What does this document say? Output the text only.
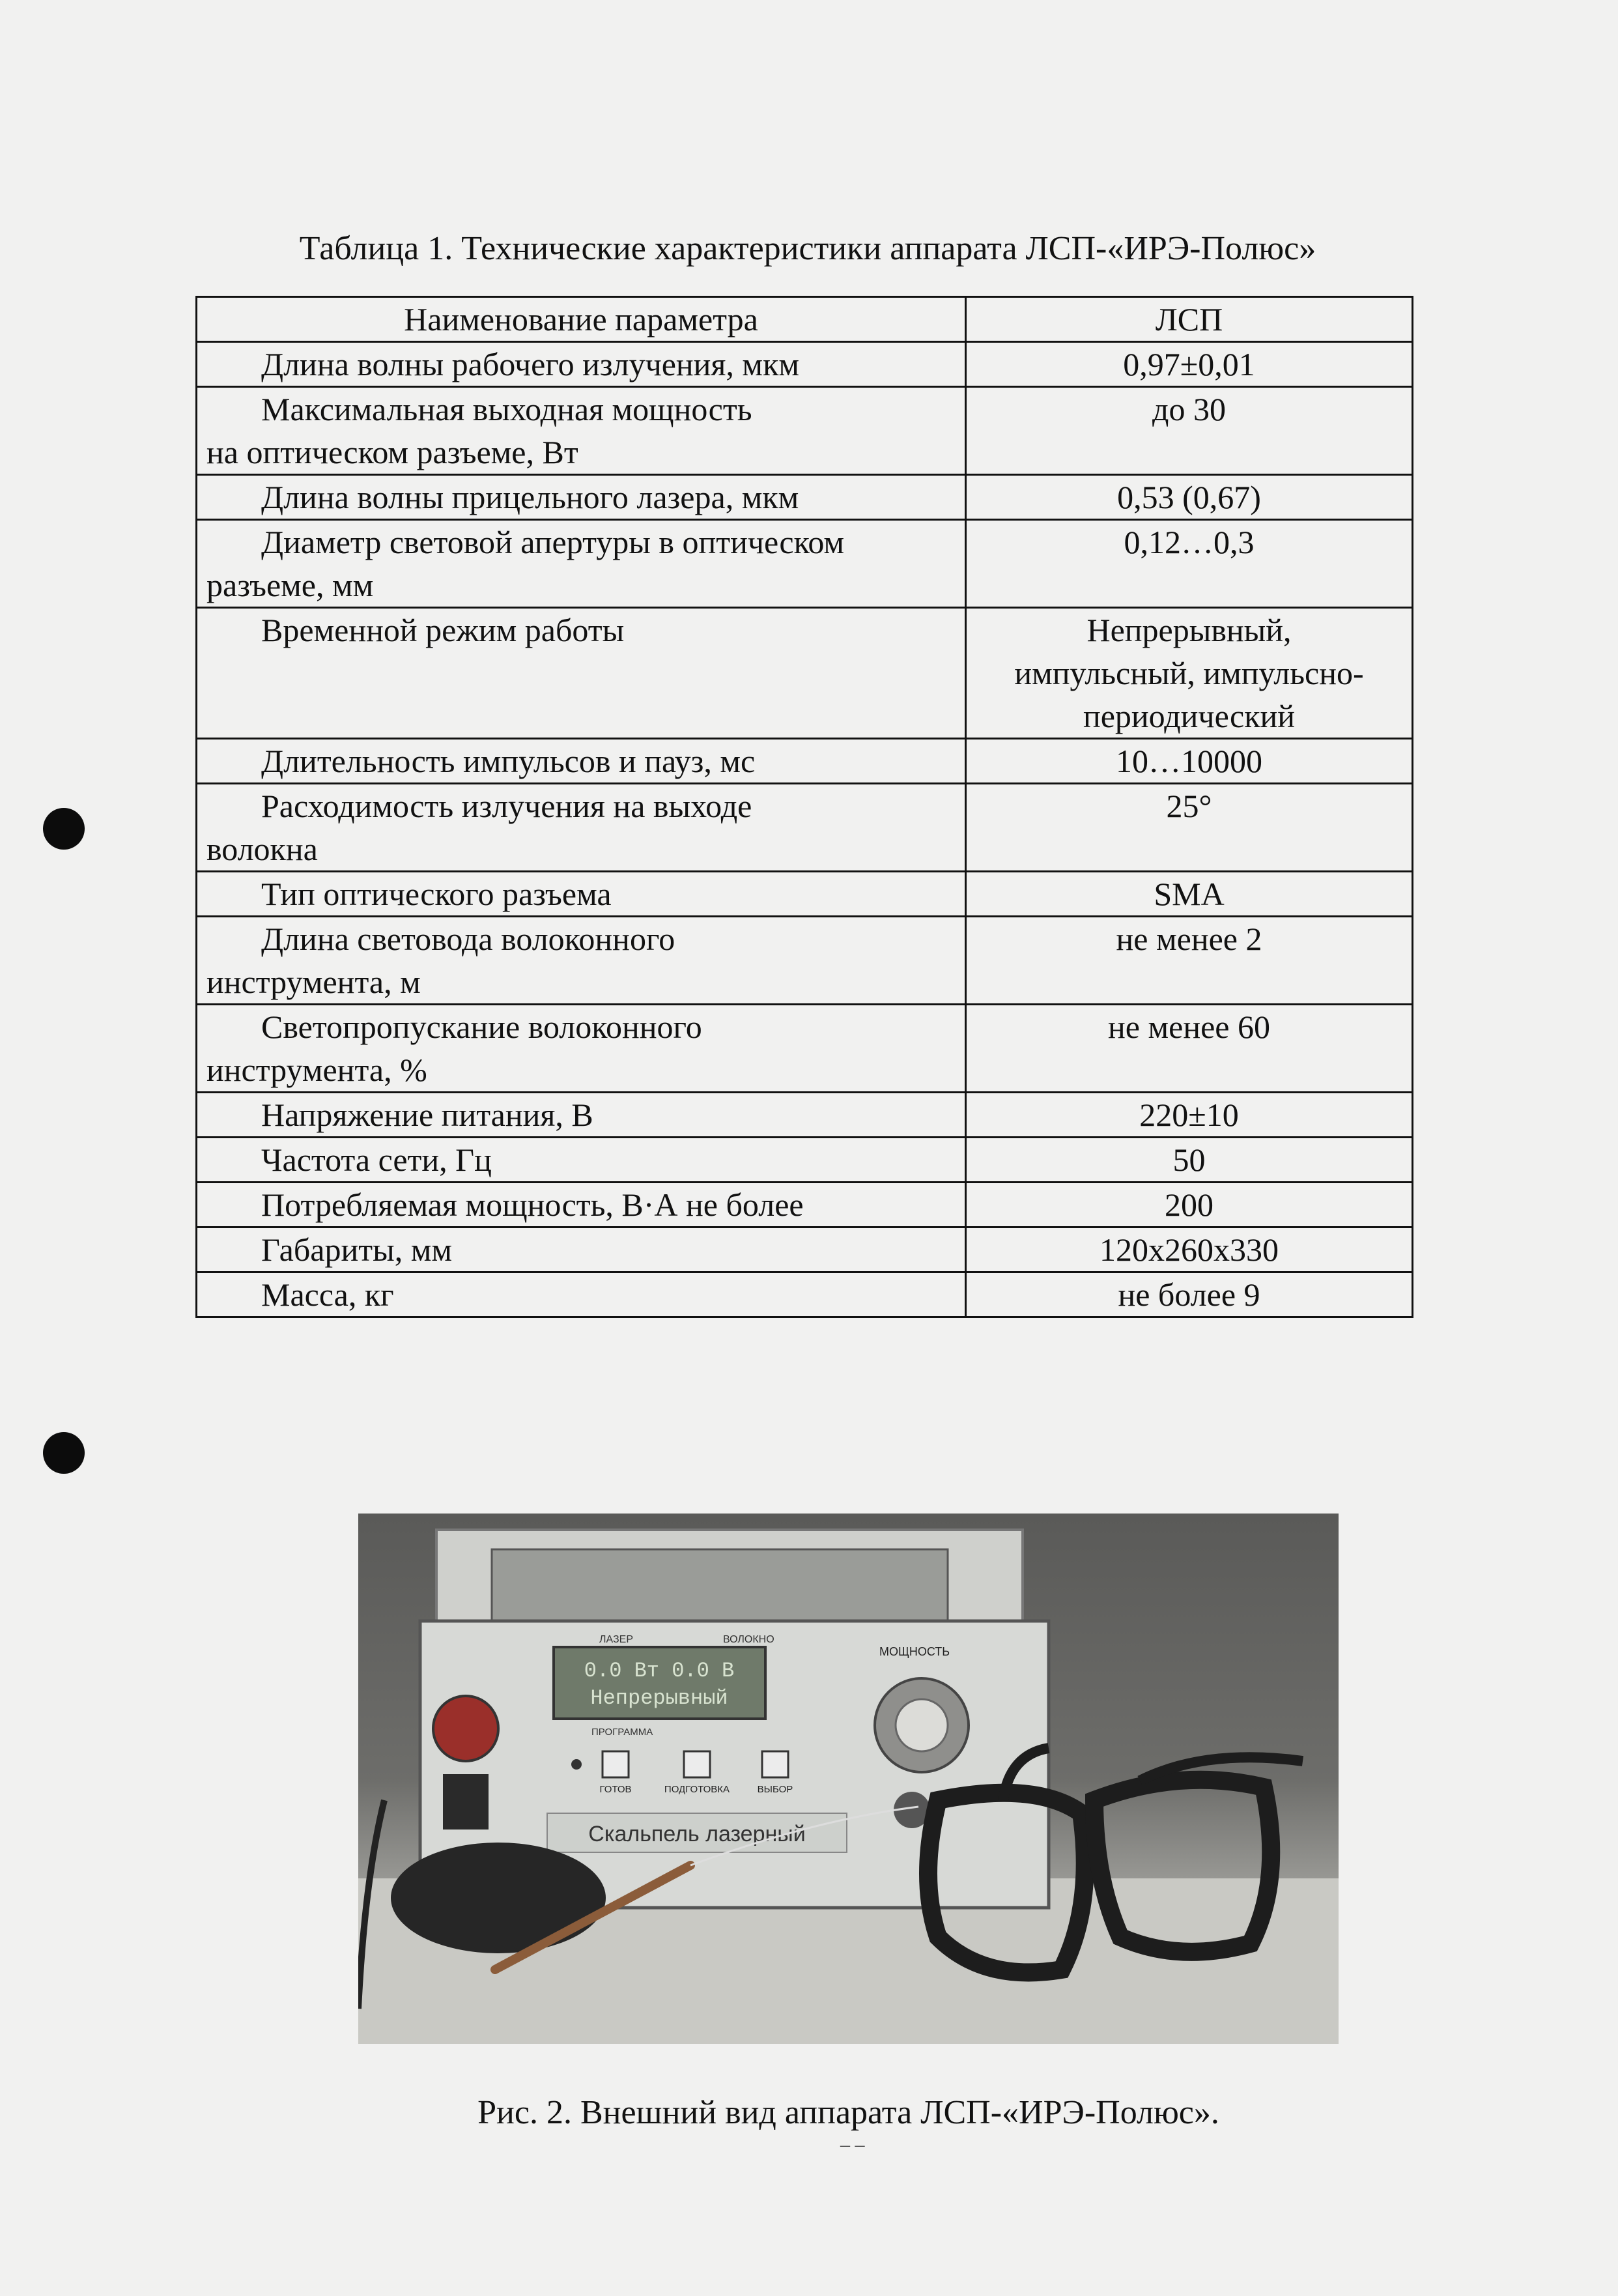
Таблица 1. Технические характеристики аппарата ЛСП-«ИРЭ-Полюс»
Наименование параметра	ЛСП

Длина волны рабочего излучения, мкм	0,97±0,01

Максимальная выходная мощность
на оптическом разъеме, Вт	до 30

Длина волны прицельного лазера, мкм	0,53 (0,67)

Диаметр световой апертуры в оптическом
разъеме, мм	0,12…0,3

Временной режим работы	Непрерывный,
импульсный, импульсно-
периодический

Длительность импульсов и пауз, мс	10…10000

Расходимость излучения на выходе
волокна	25°

Тип оптического разъема	SMA

Длина световода волоконного
инструмента, м	не менее 2

Светопропускание волоконного
инструмента, %	не менее 60

Напряжение питания, В	220±10

Частота сети, Гц	50

Потребляемая мощность, В·А не более	200

Габариты, мм	120x260x330

Масса, кг	не более 9
0.0 Вт 0.0 В
Непрерывный
ЛАЗЕР	ВОЛОКНО
ПРОГРАММА
МОЩНОСТЬ
ГОТОВ	ПОДГОТОВКА	ВЫБОР
Скальпель лазерный
Рис. 2. Внешний вид аппарата ЛСП-«ИРЭ-Полюс».
– –
